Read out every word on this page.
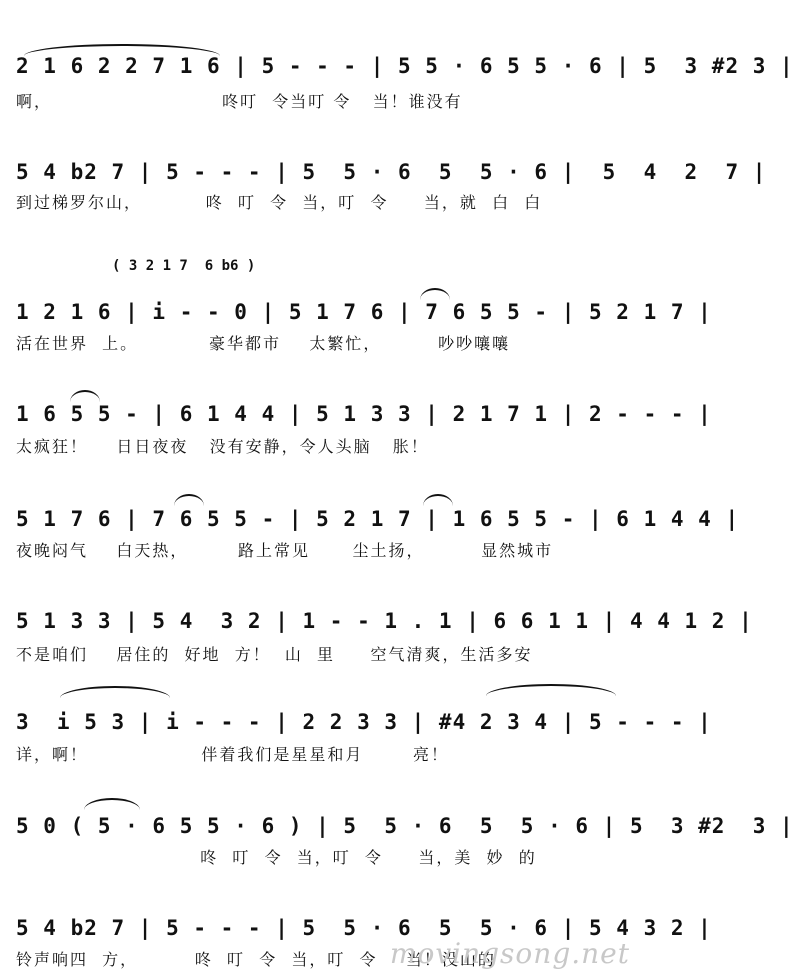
( 3 2 1 7  6 b6 )
2 1 6 2 2 7 1 6 | 5 - - - | 5 5 · 6 5 5 · 6 | 5  3 #2 3 |
啊，                        咚叮  令当叮 令   当！谁没有
5 4 b2 7 | 5 - - - | 5  5 · 6  5  5 · 6 |  5  4  2  7 |
到过梯罗尔山，         咚  叮  令  当，叮  令     当，就  白  白
1 2 1 6 | i - - 0 | 5 1 7 6 | 7 6 5 5 - | 5 2 1 7 |
活在世界  上。          豪华都市    太繁忙，        吵吵嚷嚷
1 6 5 5 - | 6 1 4 4 | 5 1 3 3 | 2 1 7 1 | 2 - - - |
太疯狂！    日日夜夜   没有安静，令人头脑   胀！
5 1 7 6 | 7 6 5 5 - | 5 2 1 7 | 1 6 5 5 - | 6 1 4 4 |
夜晚闷气    白天热，       路上常见      尘土扬，        显然城市
5 1 3 3 | 5 4  3 2 | 1 - - 1 . 1 | 6 6 1 1 | 4 4 1 2 |
不是咱们    居住的  好地  方！  山  里     空气清爽，生活多安
3  i 5 3 | i - - - | 2 2 3 3 | #4 2 3 4 | 5 - - - |
详，啊！                伴着我们是星星和月       亮！
5 0 ( 5 · 6 5 5 · 6 ) | 5  5 · 6  5  5 · 6 | 5  3 #2  3 |
咚  叮  令  当，叮  令     当，美  妙  的
5 4 b2 7 | 5 - - - | 5  5 · 6  5  5 · 6 | 5 4 3 2 |
铃声响四  方，        咚  叮  令  当，叮  令    当！没山的
movingsong.net
